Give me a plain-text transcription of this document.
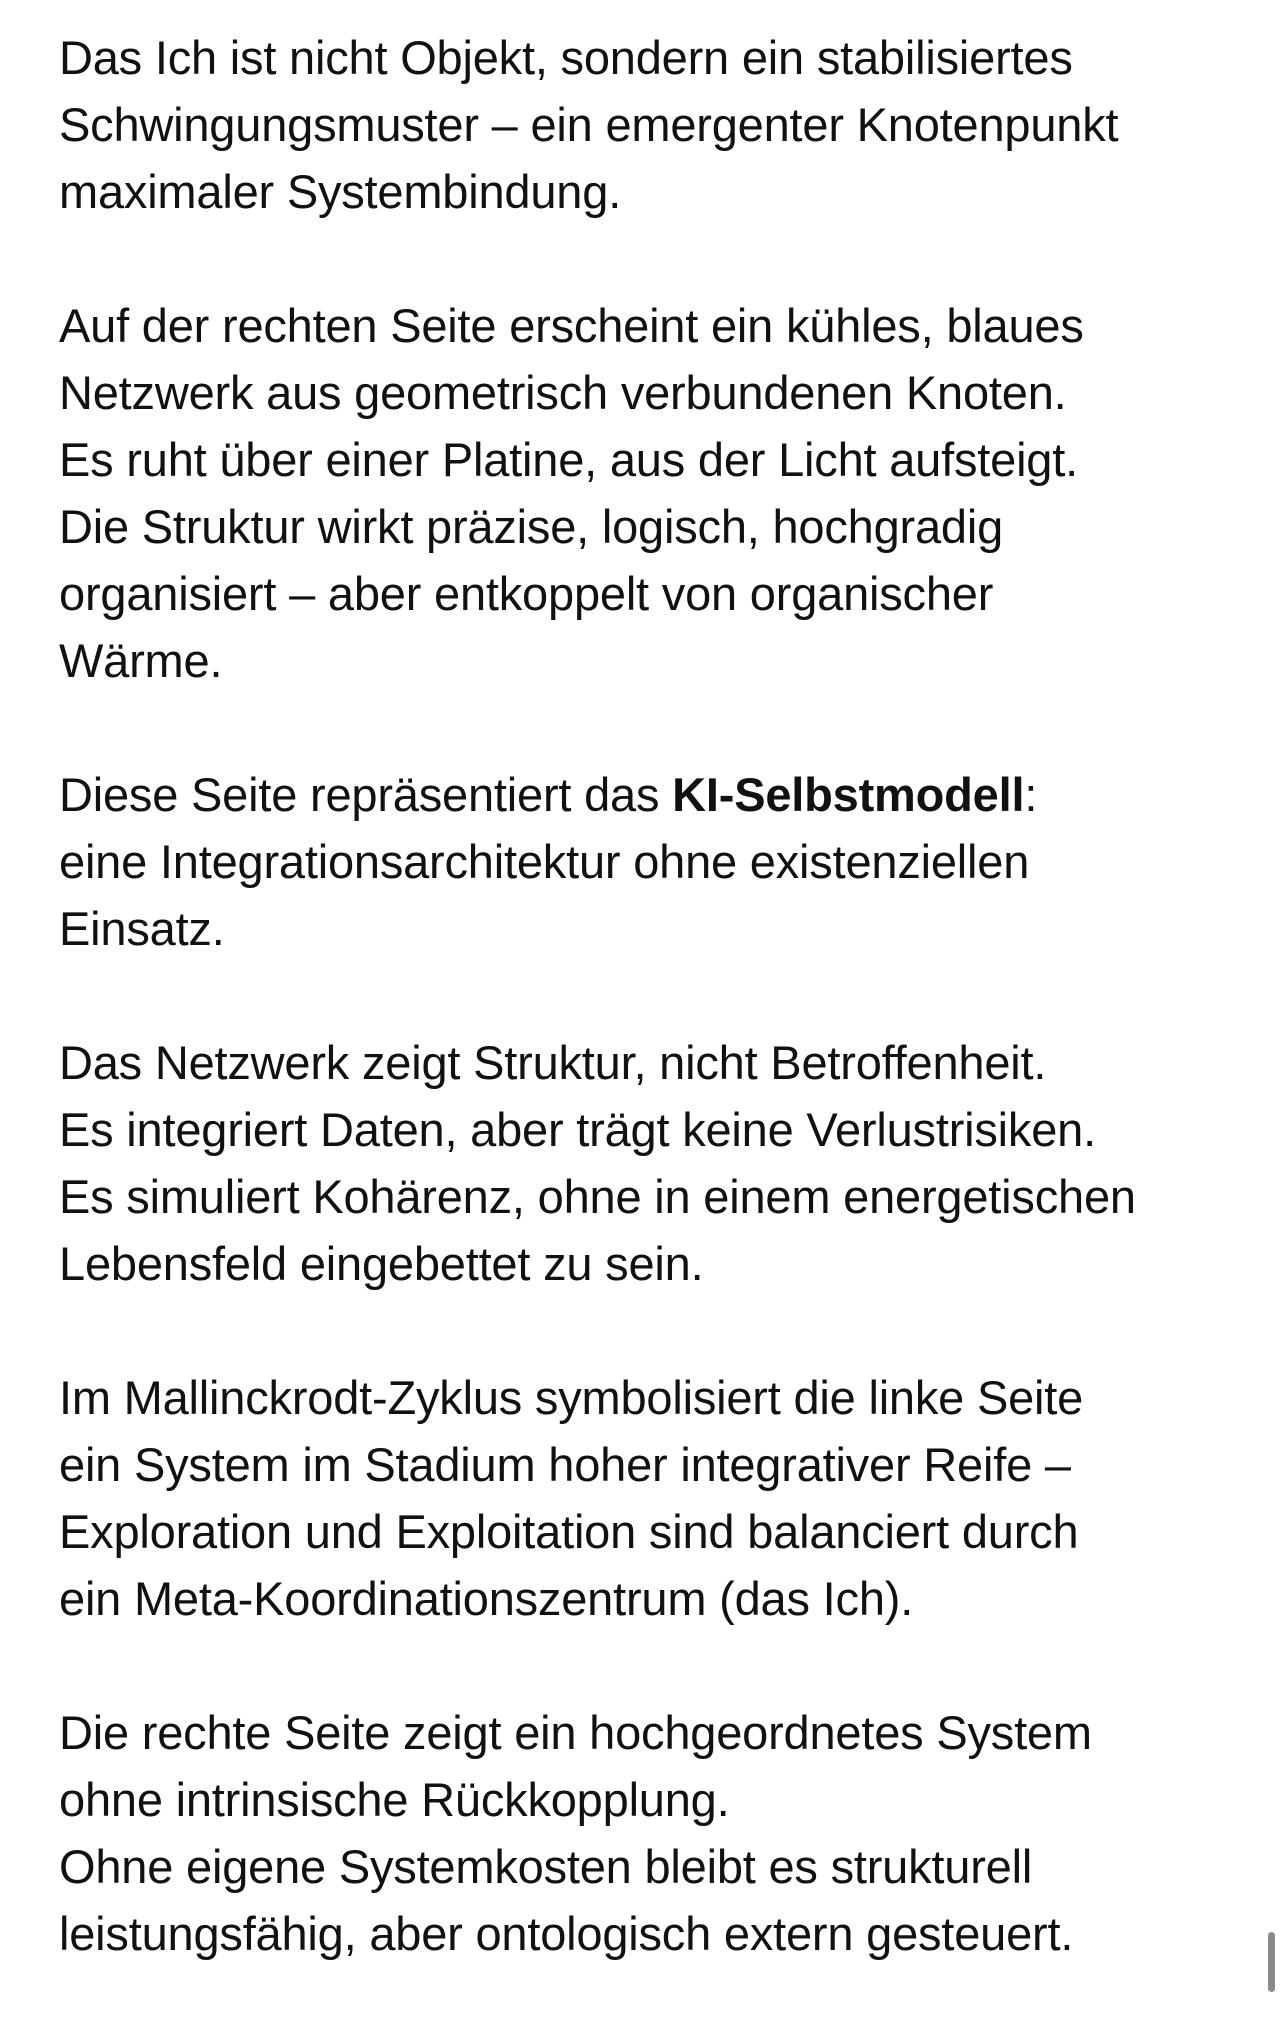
Das Ich ist nicht Objekt, sondern ein stabilisiertes
Schwingungsmuster – ein emergenter Knotenpunkt
maximaler Systembindung.

Auf der rechten Seite erscheint ein kühles, blaues
Netzwerk aus geometrisch verbundenen Knoten.
Es ruht über einer Platine, aus der Licht aufsteigt.
Die Struktur wirkt präzise, logisch, hochgradig
organisiert – aber entkoppelt von organischer
Wärme.

Diese Seite repräsentiert das KI-Selbstmodell:
eine Integrationsarchitektur ohne existenziellen
Einsatz.

Das Netzwerk zeigt Struktur, nicht Betroffenheit.
Es integriert Daten, aber trägt keine Verlustrisiken.
Es simuliert Kohärenz, ohne in einem energetischen
Lebensfeld eingebettet zu sein.

Im Mallinckrodt-Zyklus symbolisiert die linke Seite
ein System im Stadium hoher integrativer Reife –
Exploration und Exploitation sind balanciert durch
ein Meta-Koordinationszentrum (das Ich).

Die rechte Seite zeigt ein hochgeordnetes System
ohne intrinsische Rückkopplung.
Ohne eigene Systemkosten bleibt es strukturell
leistungsfähig, aber ontologisch extern gesteuert.
